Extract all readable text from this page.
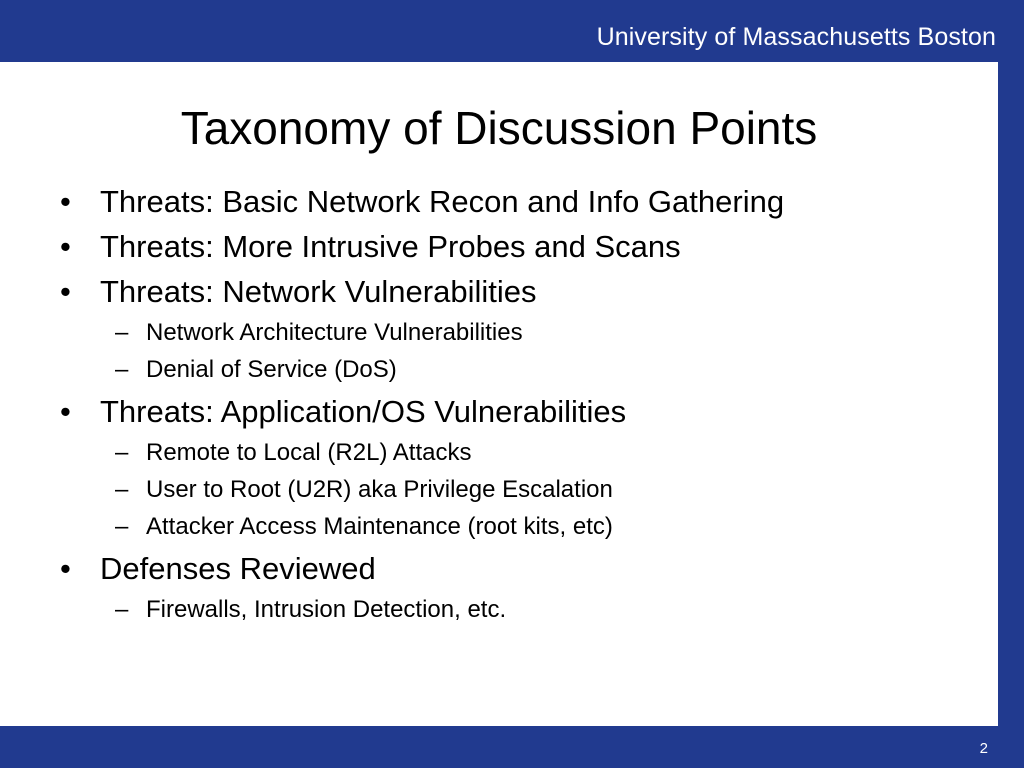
University of Massachusetts Boston
Taxonomy of Discussion Points
• Threats: Basic Network Recon and Info Gathering
• Threats: More Intrusive Probes and Scans
• Threats: Network Vulnerabilities
– Network Architecture Vulnerabilities
– Denial of Service (DoS)
• Threats: Application/OS Vulnerabilities
– Remote to Local (R2L) Attacks
– User to Root (U2R) aka Privilege Escalation
– Attacker Access Maintenance (root kits, etc)
• Defenses Reviewed
– Firewalls, Intrusion Detection, etc.
2
